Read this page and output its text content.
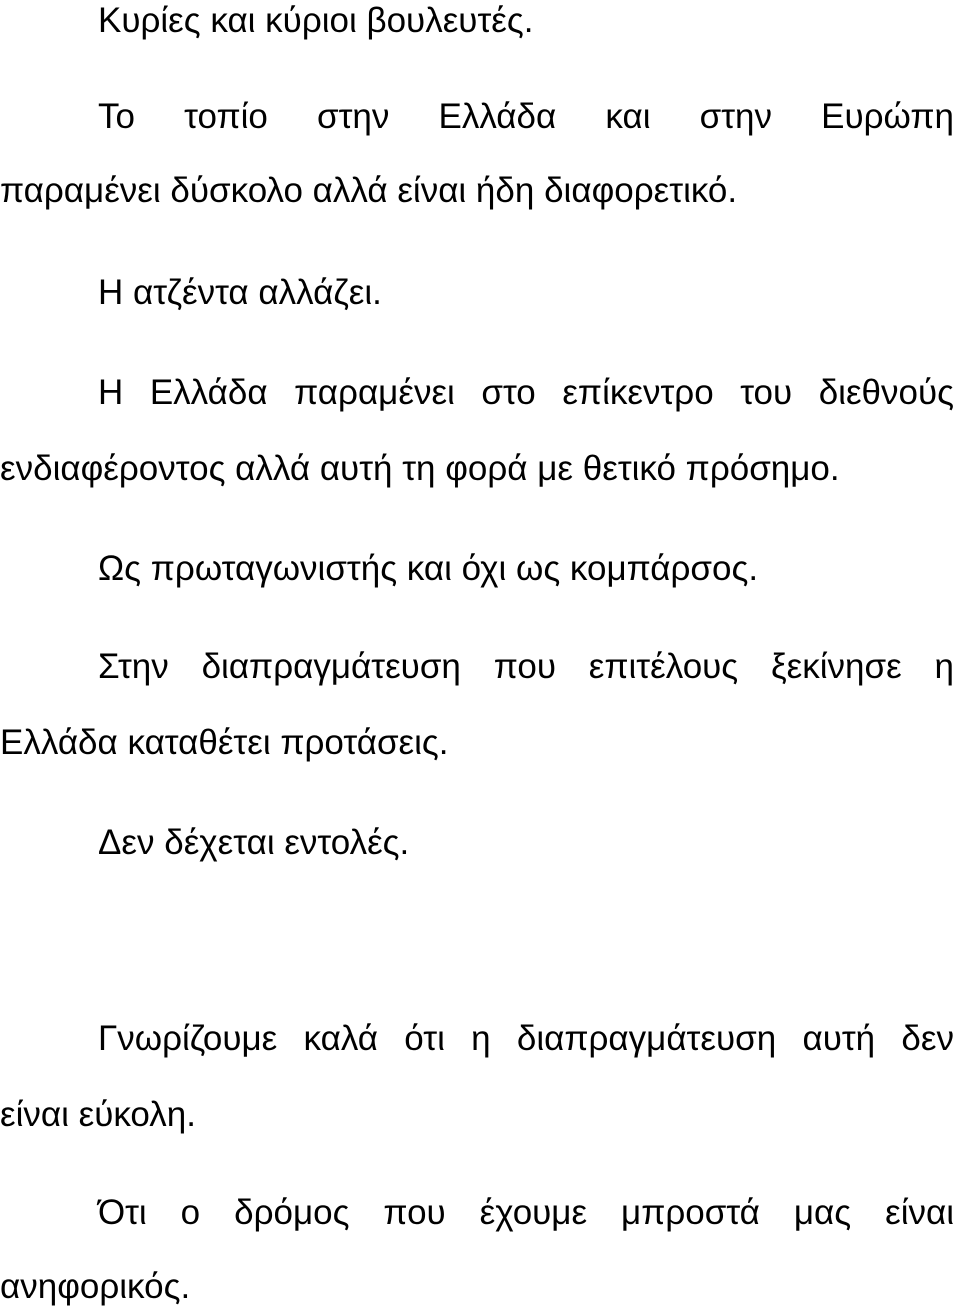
Κυρίες και κύριοι βουλευτές.

Το τοπίο στην Ελλάδα και στην Ευρώπη

παραμένει δύσκολο αλλά είναι ήδη διαφορετικό.

Η ατζέντα αλλάζει.

Η Ελλάδα παραμένει στο επίκεντρο του διεθνούς

ενδιαφέροντος αλλά αυτή τη φορά με θετικό πρόσημο.

Ως πρωταγωνιστής και όχι ως κομπάρσος.

Στην διαπραγμάτευση που επιτέλους ξεκίνησε η

Ελλάδα καταθέτει προτάσεις.

Δεν δέχεται εντολές.

Γνωρίζουμε καλά ότι η διαπραγμάτευση αυτή δεν

είναι εύκολη.

Ότι ο δρόμος που έχουμε μπροστά μας είναι

ανηφορικός.
